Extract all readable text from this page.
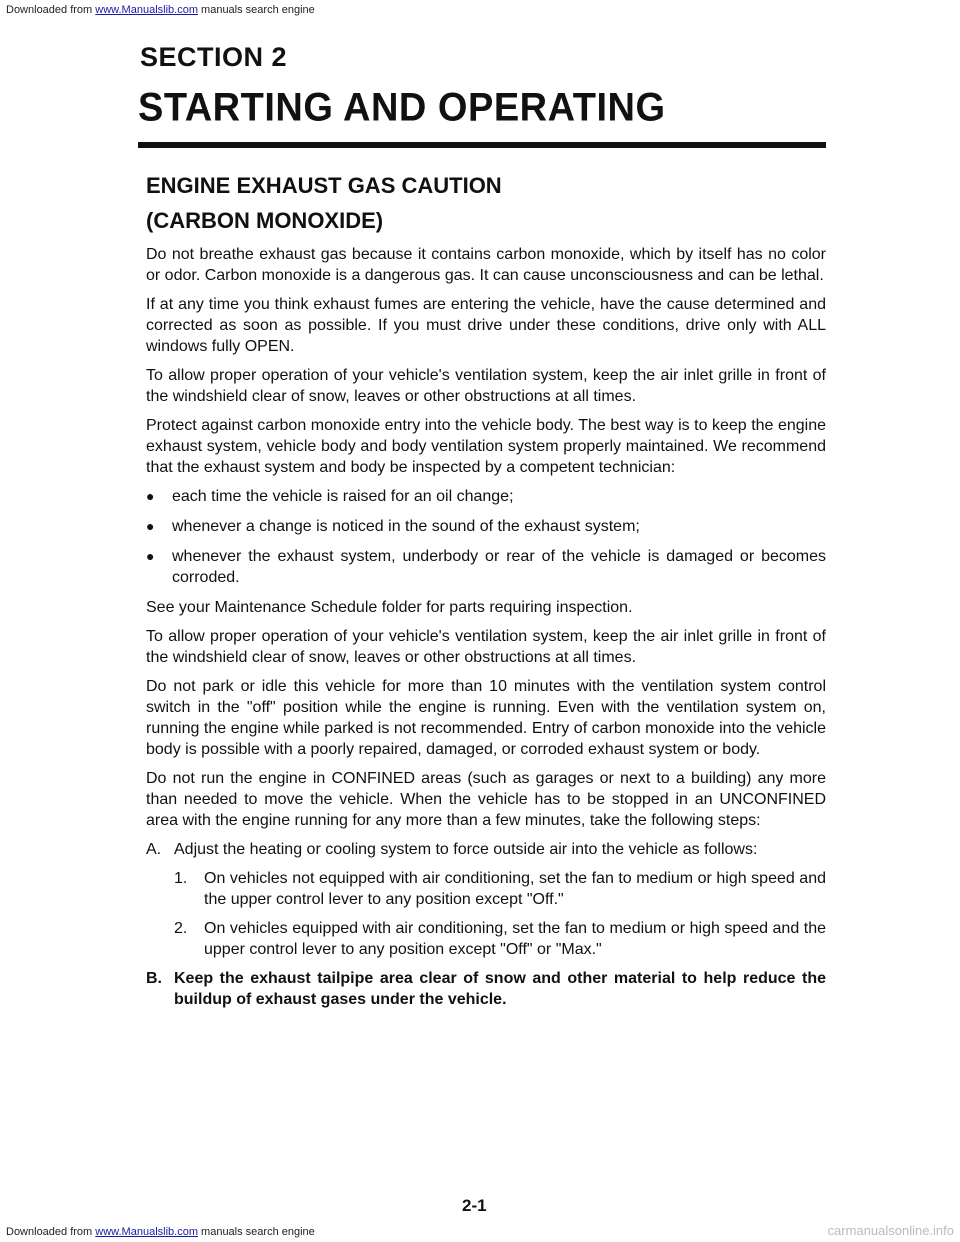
Downloaded from www.Manualslib.com manuals search engine
SECTION 2
STARTING AND OPERATING
ENGINE EXHAUST GAS CAUTION
(CARBON MONOXIDE)

Do not breathe exhaust gas because it contains carbon monoxide, which by itself has no color or odor. Carbon monoxide is a dangerous gas. It can cause unconsciousness and can be lethal.

If at any time you think exhaust fumes are entering the vehicle, have the cause determined and corrected as soon as possible. If you must drive under these conditions, drive only with ALL windows fully OPEN.

To allow proper operation of your vehicle's ventilation system, keep the air inlet grille in front of the windshield clear of snow, leaves or other obstructions at all times.

Protect against carbon monoxide entry into the vehicle body. The best way is to keep the engine exhaust system, vehicle body and body ventilation system properly maintained. We recommend that the exhaust system and body be inspected by a competent technician:

●	each time the vehicle is raised for an oil change;
●	whenever a change is noticed in the sound of the exhaust system;
●	whenever the exhaust system, underbody or rear of the vehicle is damaged or becomes corroded.

See your Maintenance Schedule folder for parts requiring inspection.

To allow proper operation of your vehicle's ventilation system, keep the air inlet grille in front of the windshield clear of snow, leaves or other obstructions at all times.

Do not park or idle this vehicle for more than 10 minutes with the ventilation system control switch in the "off" position while the engine is running. Even with the ventilation system on, running the engine while parked is not recommended. Entry of carbon monoxide into the vehicle body is possible with a poorly repaired, damaged, or corroded exhaust system or body.

Do not run the engine in CONFINED areas (such as garages or next to a building) any more than needed to move the vehicle. When the vehicle has to be stopped in an UNCONFINED area with the engine running for any more than a few minutes, take the following steps:

A. Adjust the heating or cooling system to force outside air into the vehicle as follows:
1.	On vehicles not equipped with air conditioning, set the fan to medium or high speed and the upper control lever to any position except "Off."
2.	On vehicles equipped with air conditioning, set the fan to medium or high speed and the upper control lever to any position except "Off" or "Max."
B. Keep the exhaust tailpipe area clear of snow and other material to help reduce the buildup of exhaust gases under the vehicle.
2-1
Downloaded from www.Manualslib.com manuals search engine	carmanualsonline.info
